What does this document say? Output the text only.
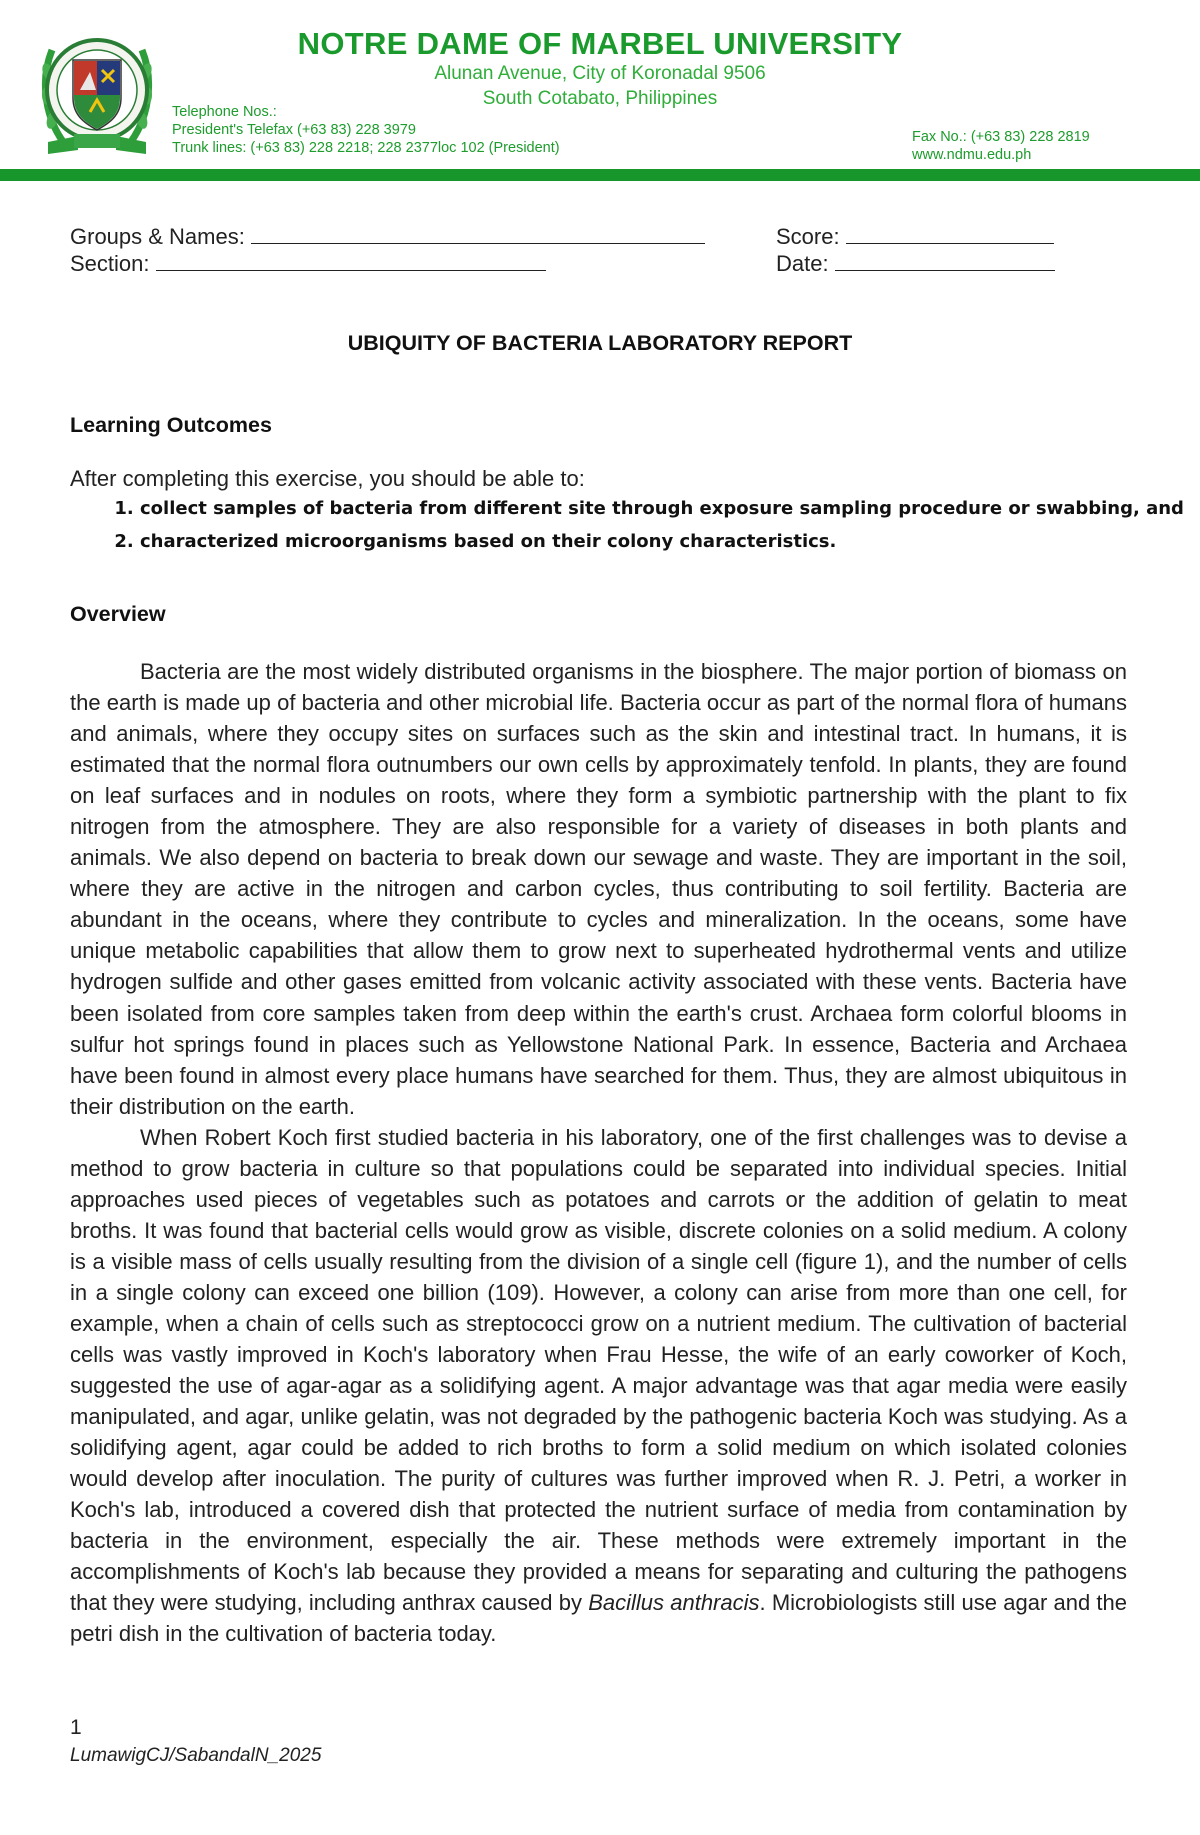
NOTRE DAME OF MARBEL UNIVERSITY
Alunan Avenue, City of Koronadal 9506
South Cotabato, Philippines
Telephone Nos.:
President's Telefax (+63 83) 228 3979
Trunk lines: (+63 83) 228 2218; 228 2377loc 102 (President)
Fax No.: (+63 83) 228 2819
www.ndmu.edu.ph
Groups & Names:
Section:
Score:
Date:
UBIQUITY OF BACTERIA LABORATORY REPORT
Learning Outcomes
After completing this exercise, you should be able to:
1. collect samples of bacteria from different site through exposure sampling procedure or swabbing, and
2. characterized microorganisms based on their colony characteristics.
Overview

Bacteria are the most widely distributed organisms in the biosphere. The major portion of biomass on the earth is made up of bacteria and other microbial life. Bacteria occur as part of the normal flora of humans and animals, where they occupy sites on surfaces such as the skin and intestinal tract. In humans, it is estimated that the normal flora outnumbers our own cells by approximately tenfold. In plants, they are found on leaf surfaces and in nodules on roots, where they form a symbiotic partnership with the plant to fix nitrogen from the atmosphere. They are also responsible for a variety of diseases in both plants and animals. We also depend on bacteria to break down our sewage and waste. They are important in the soil, where they are active in the nitrogen and carbon cycles, thus contributing to soil fertility. Bacteria are abundant in the oceans, where they contribute to cycles and mineralization. In the oceans, some have unique metabolic capabilities that allow them to grow next to superheated hydrothermal vents and utilize hydrogen sulfide and other gases emitted from volcanic activity associated with these vents. Bacteria have been isolated from core samples taken from deep within the earth's crust. Archaea form colorful blooms in sulfur hot springs found in places such as Yellowstone National Park. In essence, Bacteria and Archaea have been found in almost every place humans have searched for them. Thus, they are almost ubiquitous in their distribution on the earth.

When Robert Koch first studied bacteria in his laboratory, one of the first challenges was to devise a method to grow bacteria in culture so that populations could be separated into individual species. Initial approaches used pieces of vegetables such as potatoes and carrots or the addition of gelatin to meat broths. It was found that bacterial cells would grow as visible, discrete colonies on a solid medium. A colony is a visible mass of cells usually resulting from the division of a single cell (figure 1), and the number of cells in a single colony can exceed one billion (109). However, a colony can arise from more than one cell, for example, when a chain of cells such as streptococci grow on a nutrient medium. The cultivation of bacterial cells was vastly improved in Koch's laboratory when Frau Hesse, the wife of an early coworker of Koch, suggested the use of agar-agar as a solidifying agent. A major advantage was that agar media were easily manipulated, and agar, unlike gelatin, was not degraded by the pathogenic bacteria Koch was studying. As a solidifying agent, agar could be added to rich broths to form a solid medium on which isolated colonies would develop after inoculation. The purity of cultures was further improved when R. J. Petri, a worker in Koch's lab, introduced a covered dish that protected the nutrient surface of media from contamination by bacteria in the environment, especially the air. These methods were extremely important in the accomplishments of Koch's lab because they provided a means for separating and culturing the pathogens that they were studying, including anthrax caused by Bacillus anthracis. Microbiologists still use agar and the petri dish in the cultivation of bacteria today.

1
LumawigCJ/SabandalN_2025
